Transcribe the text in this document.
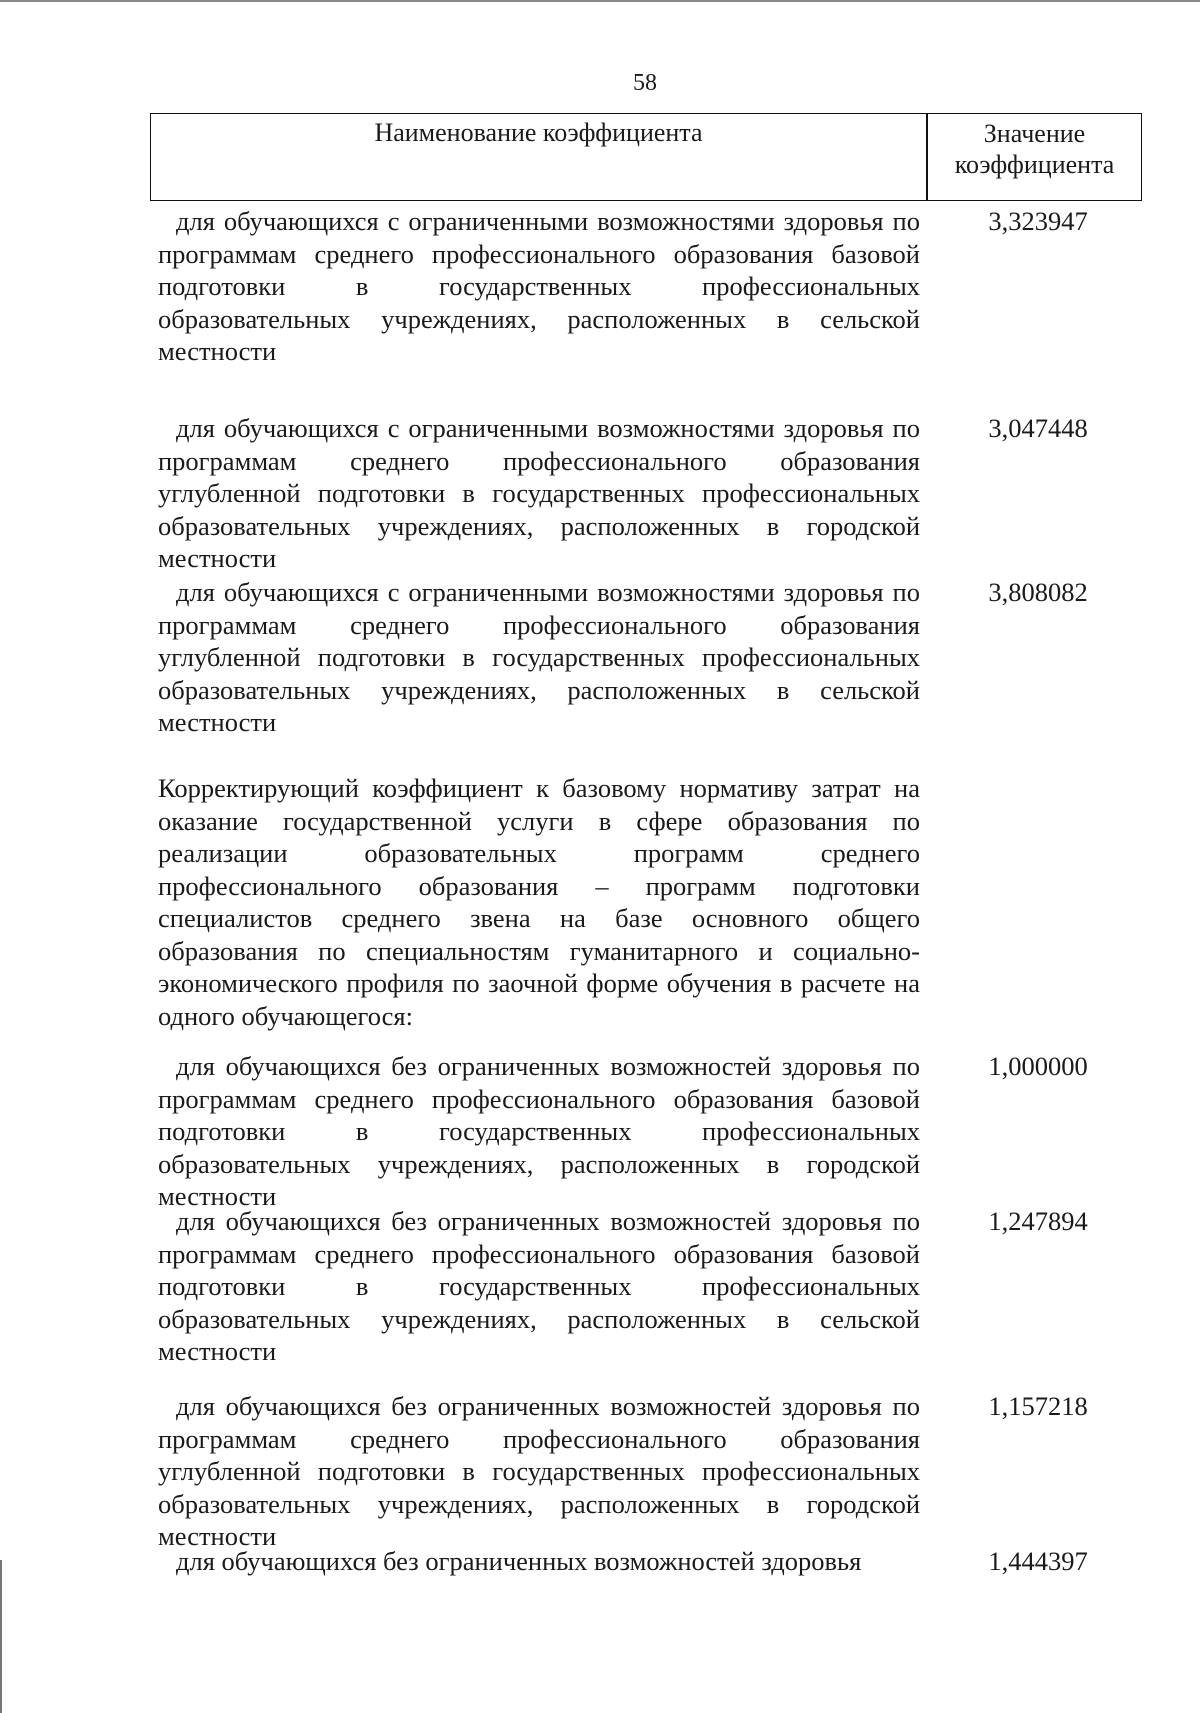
58
Наименование коэффициента	Значение коэффициента
для обучающихся с ограниченными возможностями здоровья по программам среднего профессионального образования базовой подготовки в государственных профессиональных образовательных учреждениях, расположенных в сельской местности
3,323947
для обучающихся с ограниченными возможностями здоровья по программам среднего профессионального образования углубленной подготовки в государственных профессиональных образовательных учреждениях, расположенных в городской местности
3,047448
для обучающихся с ограниченными возможностями здоровья по программам среднего профессионального образования углубленной подготовки в государственных профессиональных образовательных учреждениях, расположенных в сельской местности
3,808082
Корректирующий коэффициент к базовому нормативу затрат на оказание государственной услуги в сфере образования по реализации образовательных программ среднего профессионального образования – программ подготовки специалистов среднего звена на базе основного общего образования по специальностям гуманитарного и социально-экономического профиля по заочной форме обучения в расчете на одного обучающегося:
для обучающихся без ограниченных возможностей здоровья по программам среднего профессионального образования базовой подготовки в государственных профессиональных образовательных учреждениях, расположенных в городской местности
1,000000
для обучающихся без ограниченных возможностей здоровья по программам среднего профессионального образования базовой подготовки в государственных профессиональных образовательных учреждениях, расположенных в сельской местности
1,247894
для обучающихся без ограниченных возможностей здоровья по программам среднего профессионального образования углубленной подготовки в государственных профессиональных образовательных учреждениях, расположенных в городской местности
1,157218
для обучающихся без ограниченных возможностей здоровья	1,444397
